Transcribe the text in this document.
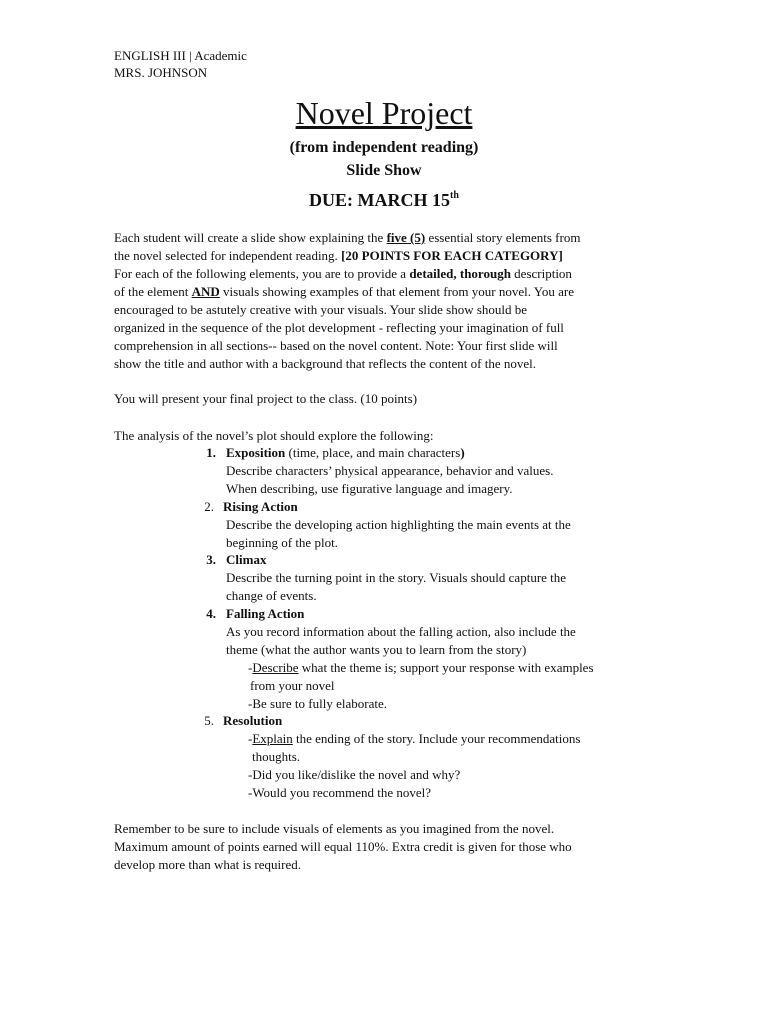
ENGLISH III | Academic
MRS. JOHNSON
Novel Project
(from independent reading)
Slide Show
DUE: MARCH 15th
Each student will create a slide show explaining the five (5) essential story elements from
the novel selected for independent reading. [20 POINTS FOR EACH CATEGORY]
For each of the following elements, you are to provide a detailed, thorough description
of the element AND visuals showing examples of that element from your novel. You are
encouraged to be astutely creative with your visuals. Your slide show should be
organized in the sequence of the plot development - reflecting your imagination of full
comprehension in all sections-- based on the novel content. Note: Your first slide will
show the title and author with a background that reflects the content of the novel.
You will present your final project to the class. (10 points)
The analysis of the novel’s plot should explore the following:
1. Exposition (time, place, and main characters)
Describe characters’ physical appearance, behavior and values.
When describing, use figurative language and imagery.
2. Rising Action
Describe the developing action highlighting the main events at the
beginning of the plot.
3. Climax
Describe the turning point in the story. Visuals should capture the
change of events.
4. Falling Action
As you record information about the falling action, also include the
theme (what the author wants you to learn from the story)
-Describe what the theme is; support your response with examples
from your novel
-Be sure to fully elaborate.
5. Resolution
-Explain the ending of the story. Include your recommendations
thoughts.
-Did you like/dislike the novel and why?
-Would you recommend the novel?
Remember to be sure to include visuals of elements as you imagined from the novel.
Maximum amount of points earned will equal 110%. Extra credit is given for those who
develop more than what is required.
